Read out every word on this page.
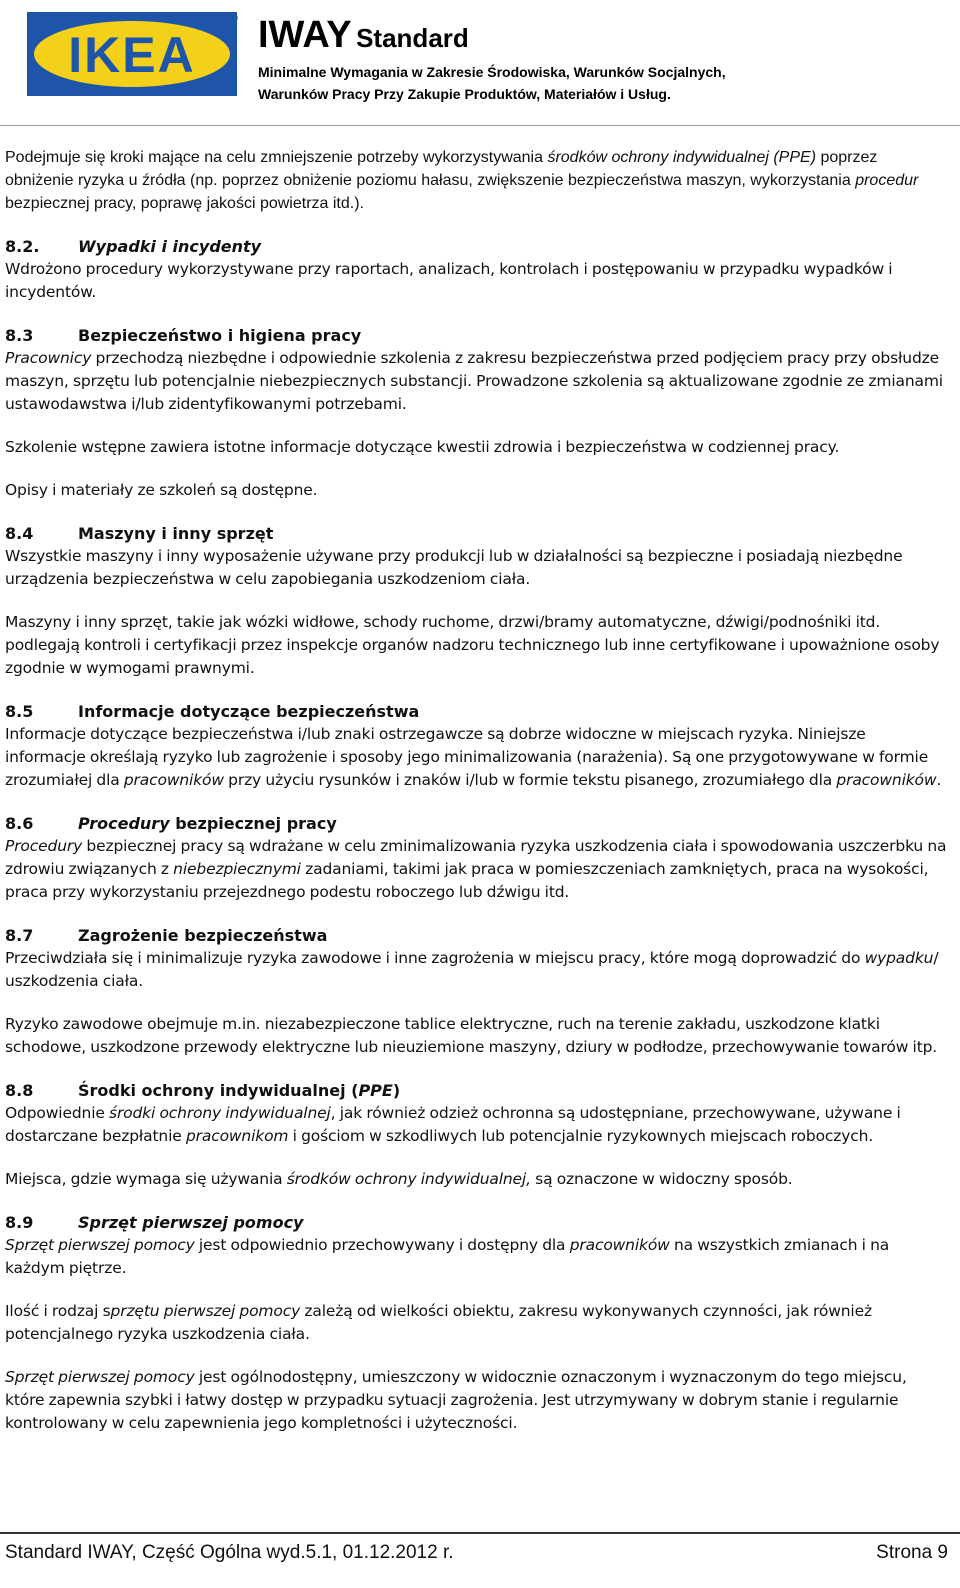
IKEA
® IWAY Standard
Minimalne Wymagania w Zakresie Środowiska, Warunków Socjalnych,
Warunków Pracy Przy Zakupie Produktów, Materiałów i Usług.

Podejmuje się kroki mające na celu zmniejszenie potrzeby wykorzystywania środków ochrony indywidualnej (PPE) poprzez obniżenie ryzyka u źródła (np. poprzez obniżenie poziomu hałasu, zwiększenie bezpieczeństwa maszyn, wykorzystania procedur bezpiecznej pracy, poprawę jakości powietrza itd.).

8.2. Wypadki i incydenty

Wdrożono procedury wykorzystywane przy raportach, analizach, kontrolach i postępowaniu w przypadku wypadków i incydentów.

8.3	Bezpieczeństwo i higiena pracy

Pracownicy przechodzą niezbędne i odpowiednie szkolenia z zakresu bezpieczeństwa przed podjęciem pracy przy obsłudze maszyn, sprzętu lub potencjalnie niebezpiecznych substancji. Prowadzone szkolenia są aktualizowane zgodnie ze zmianami ustawodawstwa i/lub zidentyfikowanymi potrzebami.

Szkolenie wstępne zawiera istotne informacje dotyczące kwestii zdrowia i bezpieczeństwa w codziennej pracy.

Opisy i materiały ze szkoleń są dostępne.

8.4	Maszyny i inny sprzęt

Wszystkie maszyny i inny wyposażenie używane przy produkcji lub w działalności są bezpieczne i posiadają niezbędne urządzenia bezpieczeństwa w celu zapobiegania uszkodzeniom ciała.

Maszyny i inny sprzęt, takie jak wózki widłowe, schody ruchome, drzwi/bramy automatyczne, dźwigi/podnośniki itd. podlegają kontroli i certyfikacji przez inspekcje organów nadzoru technicznego lub inne certyfikowane i upoważnione osoby zgodnie w wymogami prawnymi.

8.5	Informacje dotyczące bezpieczeństwa

Informacje dotyczące bezpieczeństwa i/lub znaki ostrzegawcze są dobrze widoczne w miejscach ryzyka. Niniejsze informacje określają ryzyko lub zagrożenie i sposoby jego minimalizowania (narażenia). Są one przygotowywane w formie zrozumiałej dla pracowników przy użyciu rysunków i znaków i/lub w formie tekstu pisanego, zrozumiałego dla pracowników.

8.6	Procedury bezpiecznej pracy

Procedury bezpiecznej pracy są wdrażane w celu zminimalizowania ryzyka uszkodzenia ciała i spowodowania uszczerbku na zdrowiu związanych z niebezpiecznymi zadaniami, takimi jak praca w pomieszczeniach zamkniętych, praca na wysokości, praca przy wykorzystaniu przejezdnego podestu roboczego lub dźwigu itd.

8.7	Zagrożenie bezpieczeństwa

Przeciwdziała się i minimalizuje ryzyka zawodowe i inne zagrożenia w miejscu pracy, które mogą doprowadzić do wypadku/ uszkodzenia ciała.

Ryzyko zawodowe obejmuje m.in. niezabezpieczone tablice elektryczne, ruch na terenie zakładu, uszkodzone klatki schodowe, uszkodzone przewody elektryczne lub nieuziemione maszyny, dziury w podłodze, przechowywanie towarów itp.

8.8	Środki ochrony indywidualnej (PPE)

Odpowiednie środki ochrony indywidualnej, jak również odzież ochronna są udostępniane, przechowywane, używane i dostarczane bezpłatnie pracownikom i gościom w szkodliwych lub potencjalnie ryzykownych miejscach roboczych.

Miejsca, gdzie wymaga się używania środków ochrony indywidualnej, są oznaczone w widoczny sposób.

8.9	Sprzęt pierwszej pomocy

Sprzęt pierwszej pomocy jest odpowiednio przechowywany i dostępny dla pracowników na wszystkich zmianach i na każdym piętrze.

Ilość i rodzaj sprzętu pierwszej pomocy zależą od wielkości obiektu, zakresu wykonywanych czynności, jak również potencjalnego ryzyka uszkodzenia ciała.

Sprzęt pierwszej pomocy jest ogólnodostępny, umieszczony w widocznie oznaczonym i wyznaczonym do tego miejscu, które zapewnia szybki i łatwy dostęp w przypadku sytuacji zagrożenia. Jest utrzymywany w dobrym stanie i regularnie kontrolowany w celu zapewnienia jego kompletności i użyteczności.

Standard IWAY, Część Ogólna wyd.5.1, 01.12.2012 r.	Strona 9
